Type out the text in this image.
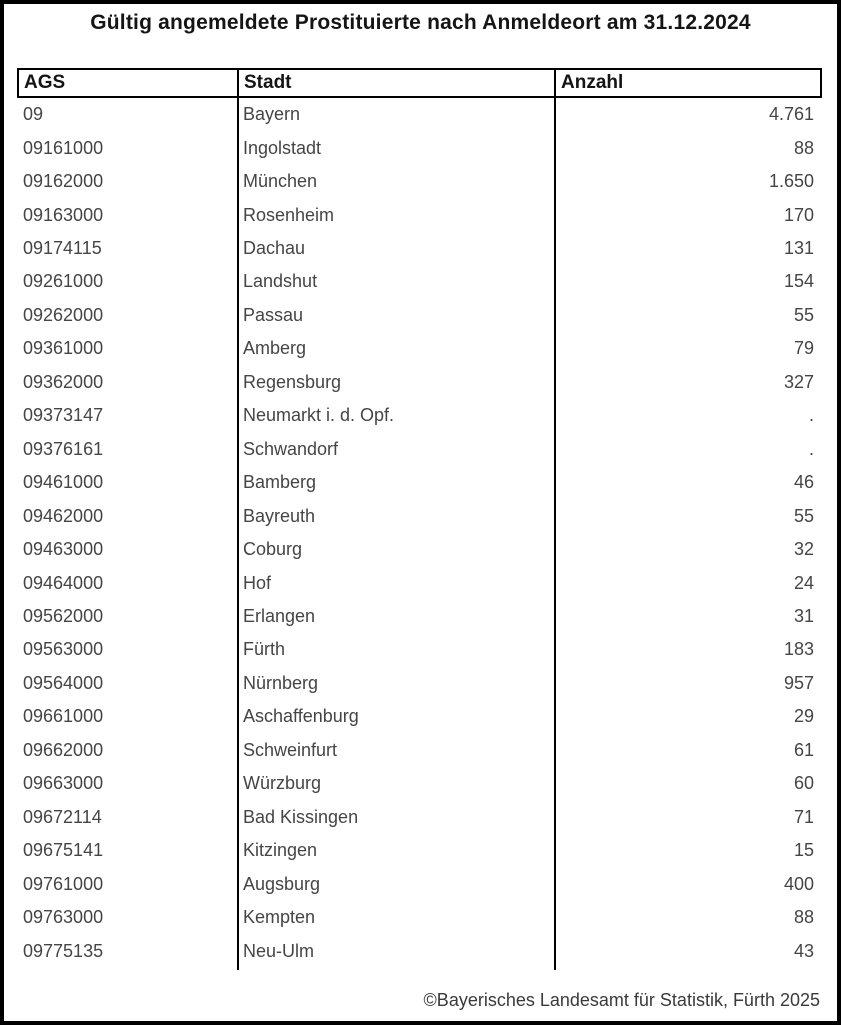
Gültig angemeldete Prostituierte nach Anmeldeort am 31.12.2024
AGS	Stadt	Anzahl
09	Bayern	4.761
09161000	Ingolstadt	88
09162000	München	1.650
09163000	Rosenheim	170
09174115	Dachau	131
09261000	Landshut	154
09262000	Passau	55
09361000	Amberg	79
09362000	Regensburg	327
09373147	Neumarkt i. d. Opf.	.
09376161	Schwandorf	.
09461000	Bamberg	46
09462000	Bayreuth	55
09463000	Coburg	32
09464000	Hof	24
09562000	Erlangen	31
09563000	Fürth	183
09564000	Nürnberg	957
09661000	Aschaffenburg	29
09662000	Schweinfurt	61
09663000	Würzburg	60
09672114	Bad Kissingen	71
09675141	Kitzingen	15
09761000	Augsburg	400
09763000	Kempten	88
09775135	Neu-Ulm	43
©Bayerisches Landesamt für Statistik, Fürth 2025
